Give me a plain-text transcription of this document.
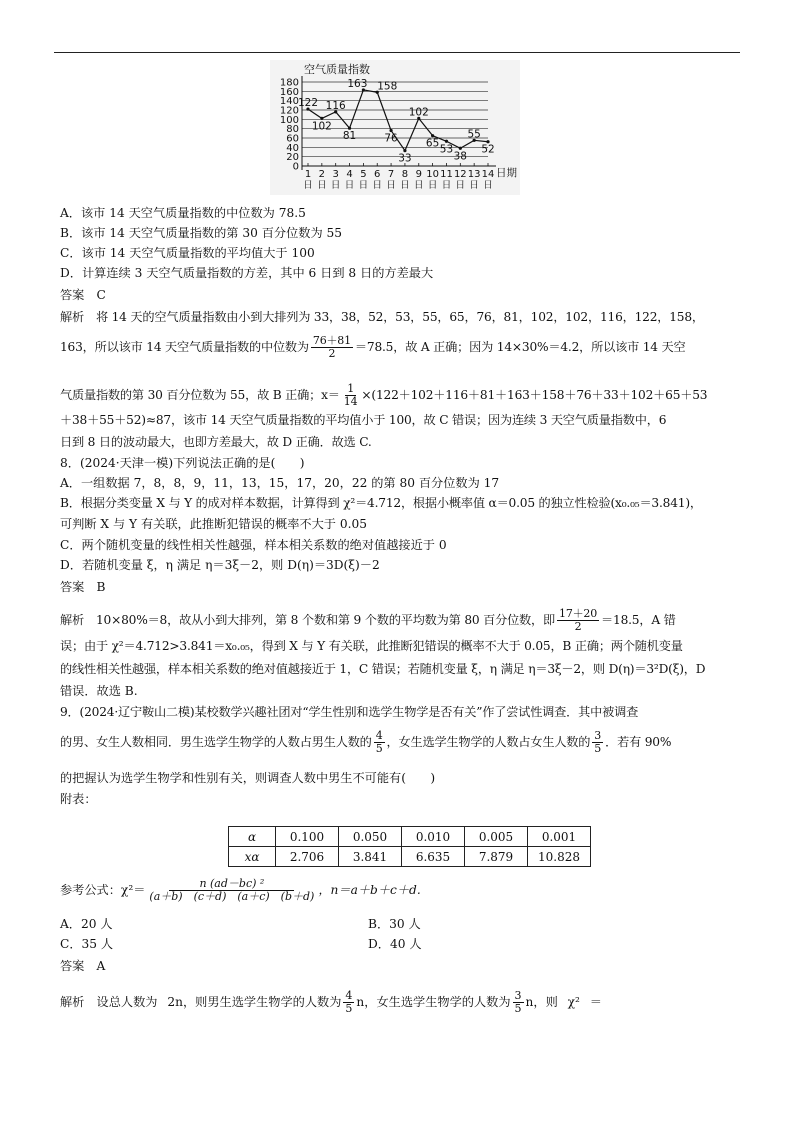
空气质量指数
0
20
40
60
80
100
120
140
160
180
日期
1
日
2
日
3
日
4
日
5
日
6
日
7
日
8
日
9
日
10
日
11
日
12
日
13
日
14
日
122
102
116
81
163 158
76
33
102
65 53
38
55
52
A．该市 14 天空气质量指数的中位数为 78.5
B．该市 14 天空气质量指数的第 30 百分位数为 55
C．该市 14 天空气质量指数的平均值大于 100
D．计算连续 3 天空气质量指数的方差，其中 6 日到 8 日的方差最大
答案　C
解析　将 14 天的空气质量指数由小到大排列为 33，38，52，53，55，65，76，81，102，102，116，122，158，
163，所以该市 14 天空气质量指数的中位数为 $\frac{76+81}{2} =78.5$，故 A 正确；因为 14×30%＝4.2，所以该市 14 天空
气质量指数的第 30 百分位数为 55，故 B 正确；$x= \frac{1}{14} \times(122+102+116+81+163+158+76+33+102+65+53$
＋38＋55＋52)≈87，该市 14 天空气质量指数的平均值小于 100，故 C 错误；因为连续 3 天空气质量指数中，6
日到 8 日的波动最大，也即方差最大，故 D 正确．故选 C.
8．(2024·天津一模)下列说法正确的是(　　)
A．一组数据 7，8，8，9，11，13，15，17，20，22 的第 80 百分位数为 17
B．根据分类变量 X 与 Y 的成对样本数据，计算得到 χ²＝4.712，根据小概率值 α＝0.05 的独立性检验(x₀.₀₅＝3.841)，
可判断 X 与 Y 有关联，此推断犯错误的概率不大于 0.05
C．两个随机变量的线性相关性越强，样本相关系数的绝对值越接近于 0
D．若随机变量 ξ，η 满足 η＝3ξ－2，则 D(η)＝3D(ξ)－2
答案　B
解析　10×80%＝8，故从小到大排列，第 8 个数和第 9 个数的平均数为第 80 百分位数，即 $\frac{17+20}{2} =18.5$，A 错
误；由于 χ²＝4.712>3.841＝x₀.₀₅，得到 X 与 Y 有关联，此推断犯错误的概率不大于 0.05，B 正确；两个随机变量
的线性相关性越强，样本相关系数的绝对值越接近于 1，C 错误；若随机变量 ξ，η 满足 η＝3ξ－2，则 D(η)＝3²D(ξ)，D
错误．故选 B.
9．(2024·辽宁鞍山二模)某校数学兴趣社团对“学生性别和选学生物学是否有关”作了尝试性调查．其中被调查
的男、女生人数相同．男生选学生物学的人数占男生人数的 $\frac{4}{5}$ ，女生选学生物学的人数占女生人数的 $\frac{3}{5}$ ．若有 90%
的把握认为选学生物学和性别有关，则调查人数中男生不可能有(　　)
附表：
α	0.100	0.050	0.010	0.005	0.001
xα	2.706	3.841	6.635	7.879	10.828
参考公式：$\chi^2= \frac{\text{n (ad－bc) ²}}{(a+b) (c+d) (a+c) (b+d)}$ ，n＝a＋b＋c＋d.
A．20 人	B．30 人
C．35 人	D．40 人
答案　A
解析　设总人数为 2n，则男生选学生物学的人数为 $\frac{4}{5}$ n，女生选学生物学的人数为 $\frac{3}{5}$ n，则 χ² ＝
